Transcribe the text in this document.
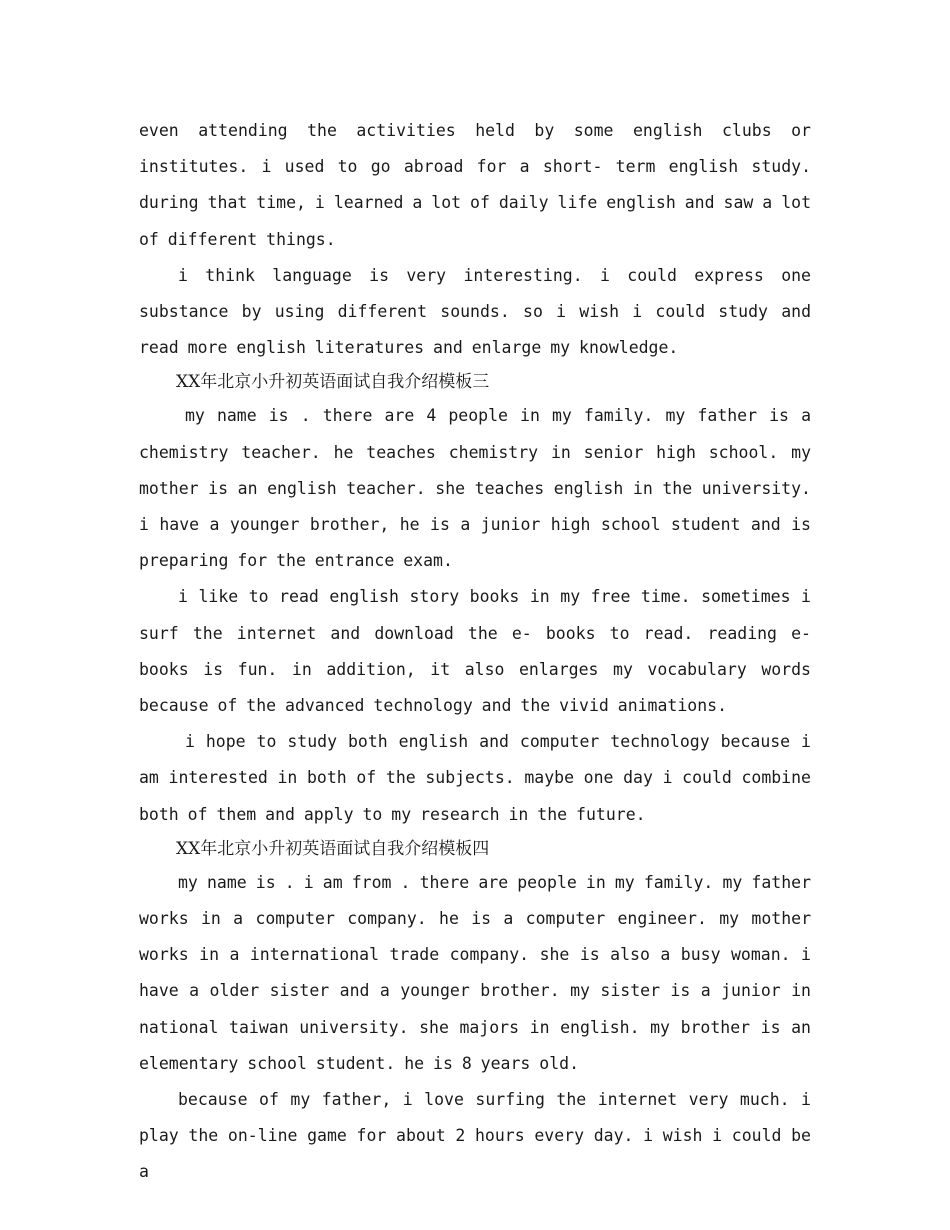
even attending the activities held by some english clubs or institutes. i used to go abroad for a short- term english study. during that time, i learned a lot of daily life english and saw a lot of different things.

i think language is very interesting. i could express one substance by using different sounds. so i wish i could study and read more english literatures and enlarge my knowledge.

XX年北京小升初英语面试自我介绍模板三

my name is . there are 4 people in my family. my father is a chemistry teacher. he teaches chemistry in senior high school. my mother is an english teacher. she teaches english in the university. i have a younger brother, he is a junior high school student and is preparing for the entrance exam.

i like to read english story books in my free time. sometimes i surf the internet and download the e- books to read. reading e- books is fun. in addition, it also enlarges my vocabulary words because of the advanced technology and the vivid animations.

i hope to study both english and computer technology because i am interested in both of the subjects. maybe one day i could combine both of them and apply to my research in the future.

XX年北京小升初英语面试自我介绍模板四

my name is . i am from . there are people in my family. my father works in a computer company. he is a computer engineer. my mother works in a international trade company. she is also a busy woman. i have a older sister and a younger brother. my sister is a junior in national taiwan university. she majors in english. my brother is an elementary school student. he is 8 years old.

because of my father, i love surfing the internet very much. i play the on-line game for about 2 hours every day. i wish i could be a
